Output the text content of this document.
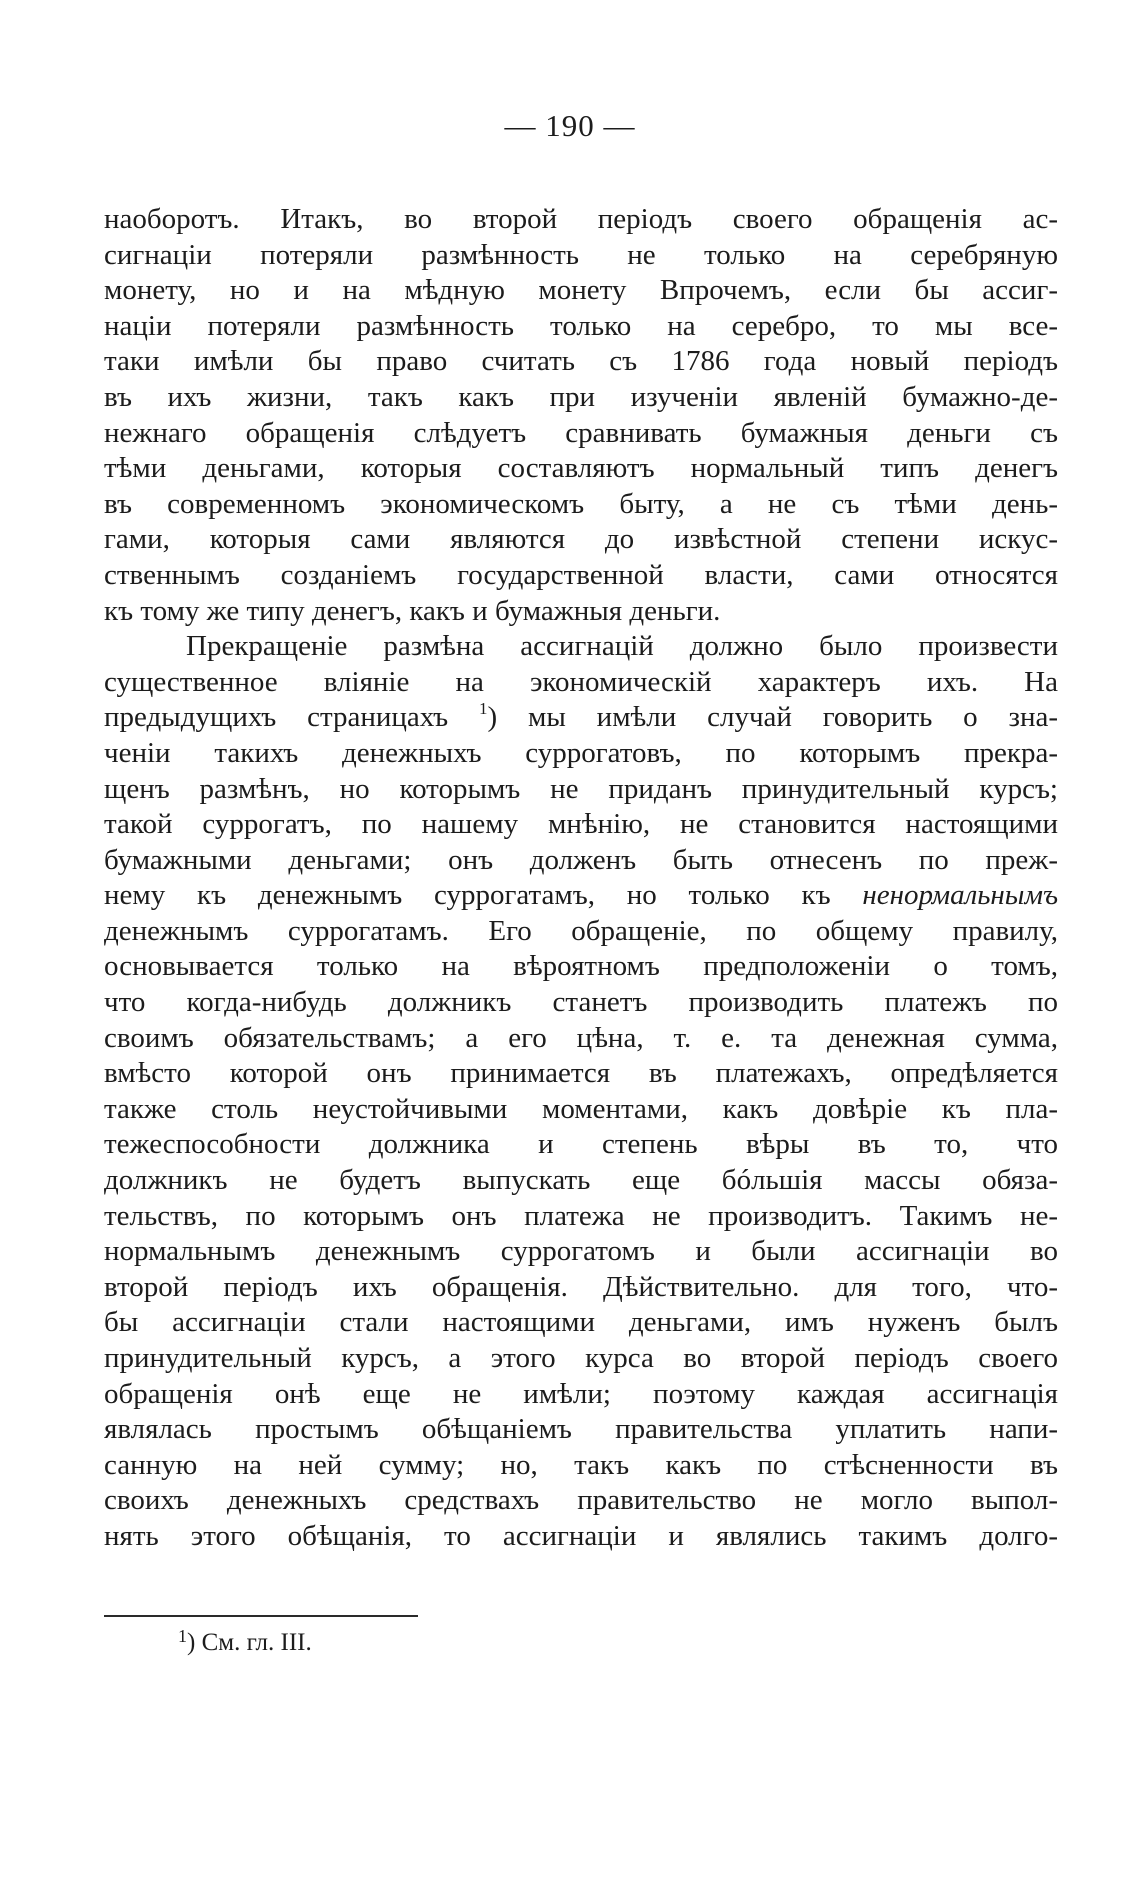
— 190 —
наоборотъ. Итакъ, во второй періодъ своего обращенія ас-
сигнаціи потеряли размѣнность не только на серебряную
монету, но и на мѣдную монету Впрочемъ, если бы ассиг-
націи потеряли размѣнность только на серебро, то мы все-
таки имѣли бы право считать съ 1786 года новый періодъ
въ ихъ жизни, такъ какъ при изученіи явленій бумажно-де-
нежнаго обращенія слѣдуетъ сравнивать бумажныя деньги съ
тѣми деньгами, которыя составляютъ нормальный типъ денегъ
въ современномъ экономическомъ быту, а не съ тѣми день-
гами, которыя сами являются до извѣстной степени искус-
ственнымъ созданіемъ государственной власти, сами относятся
къ тому же типу денегъ, какъ и бумажныя деньги.
Прекращеніе размѣна ассигнацій должно было произвести
существенное вліяніе на экономическій характеръ ихъ. На
предыдущихъ страницахъ $^1$) мы имѣли случай говорить о зна-
ченіи такихъ денежныхъ суррогатовъ, по которымъ прекра-
щенъ размѣнъ, но которымъ не приданъ принудительный курсъ;
такой суррогатъ, по нашему мнѣнію, не становится настоящими
бумажными деньгами; онъ долженъ быть отнесенъ по преж-
нему къ денежнымъ суррогатамъ, но только къ ненормальнымъ
денежнымъ суррогатамъ. Его обращеніе, по общему правилу,
основывается только на вѣроятномъ предположеніи о томъ,
что когда-нибудь должникъ станетъ производить платежъ по
своимъ обязательствамъ; а его цѣна, т. е. та денежная сумма,
вмѣсто которой онъ принимается въ платежахъ, опредѣляется
также столь неустойчивыми моментами, какъ довѣріе къ пла-
тежеспособности должника и степень вѣры въ то, что
должникъ не будетъ выпускать еще бóльшія массы обяза-
тельствъ, по которымъ онъ платежа не производитъ. Такимъ не-
нормальнымъ денежнымъ суррогатомъ и были ассигнаціи во
второй періодъ ихъ обращенія. Дѣйствительно. для того, что-
бы ассигнаціи стали настоящими деньгами, имъ нуженъ былъ
принудительный курсъ, а этого курса во второй періодъ своего
обращенія онѣ еще не имѣли; поэтому каждая ассигнація
являлась простымъ обѣщаніемъ правительства уплатить напи-
санную на ней сумму; но, такъ какъ по стѣсненности въ
своихъ денежныхъ средствахъ правительство не могло выпол-
нять этого обѣщанія, то ассигнаціи и являлись такимъ долго-
$^1$) См. гл. III.
